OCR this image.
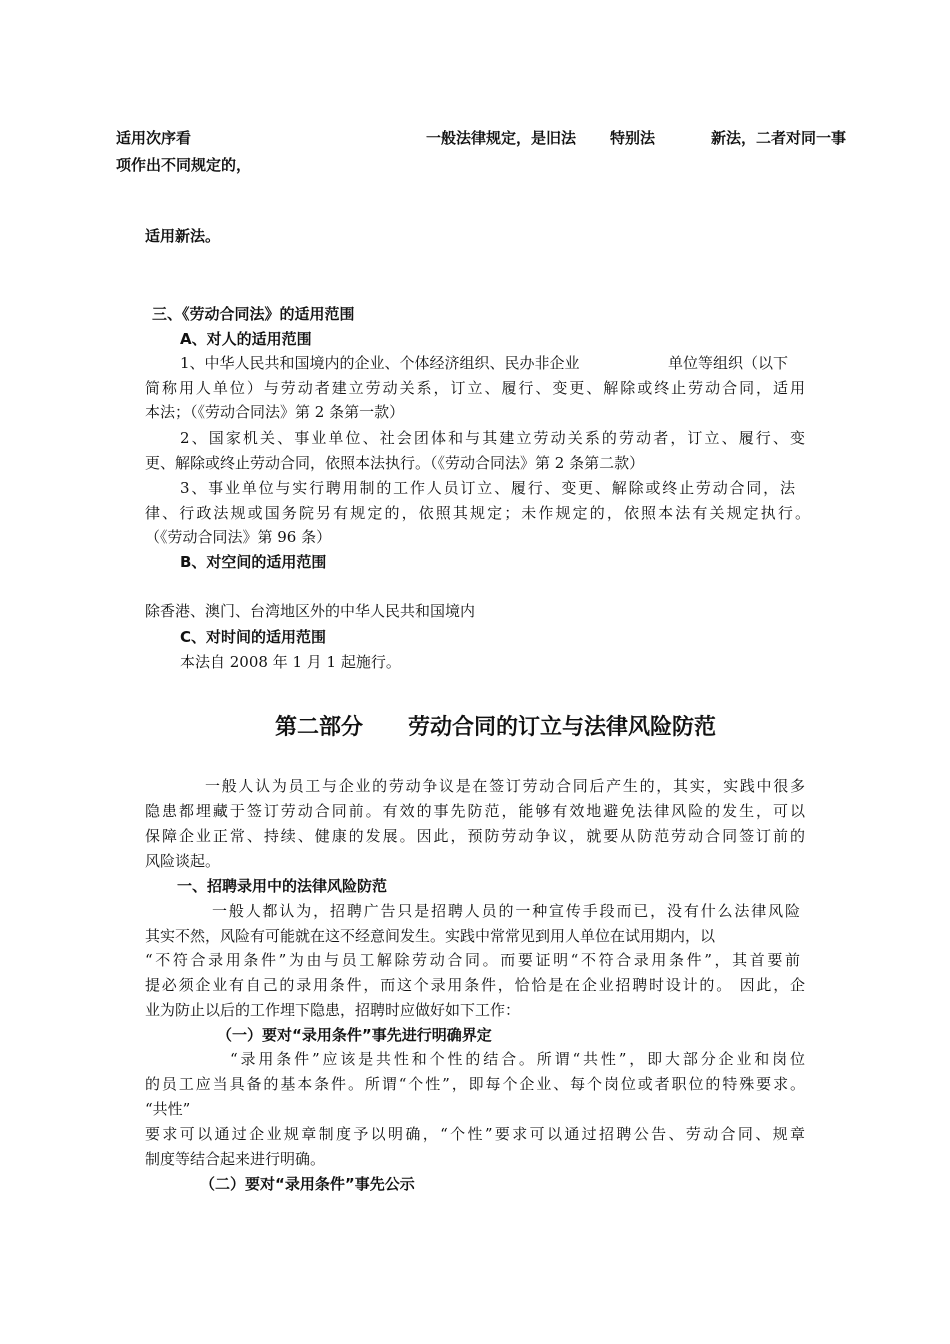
适用次序看	一般法律规定，是旧法 特别法	新法，二者对同一事
项作出不同规定的，
适用新法。
三、《劳动合同法》的适用范围
A、对人的适用范围
1、中华人民共和国境内的企业、个体经济组织、民办非企业	单位等组织（以下
简称用人单位）与劳动者建立劳动关系，订立、履行、变更、解除或终止劳动合同，适用
本法；（《劳动合同法》第 2 条第一款）
2、国家机关、事业单位、社会团体和与其建立劳动关系的劳动者，订立、履行、变
更、解除或终止劳动合同，依照本法执行。（《劳动合同法》第 2 条第二款）
3、事业单位与实行聘用制的工作人员订立、履行、变更、解除或终止劳动合同，法
律、行政法规或国务院另有规定的，依照其规定；未作规定的，依照本法有关规定执行。
（《劳动合同法》第 96 条）
B、对空间的适用范围
除香港、澳门、台湾地区外的中华人民共和国境内
C、对时间的适用范围
本法自 2008 年 1 月 1 起施行。
第二部分 劳动合同的订立与法律风险防范
一般人认为员工与企业的劳动争议是在签订劳动合同后产生的，其实，实践中很多
隐患都埋藏于签订劳动合同前。有效的事先防范，能够有效地避免法律风险的发生，可以
保障企业正常、持续、健康的发展。因此，预防劳动争议，就要从防范劳动合同签订前的
风险谈起。
一、招聘录用中的法律风险防范
一般人都认为，招聘广告只是招聘人员的一种宣传手段而已，没有什么法律风险
其实不然，风险有可能就在这不经意间发生。实践中常常见到用人单位在试用期内，以
“不符合录用条件”为由与员工解除劳动合同。而要证明“不符合录用条件”，其首要前
提必须企业有自己的录用条件，而这个录用条件，恰恰是在企业招聘时设计的。 因此，企
业为防止以后的工作埋下隐患，招聘时应做好如下工作：
（一）要对“录用条件”事先进行明确界定
“录用条件”应该是共性和个性的结合。所谓“共性”，即大部分企业和岗位
的员工应当具备的基本条件。所谓“个性”，即每个企业、每个岗位或者职位的特殊要求。
“共性”
要求可以通过企业规章制度予以明确，“个性”要求可以通过招聘公告、劳动合同、规章
制度等结合起来进行明确。
（二）要对“录用条件”事先公示
